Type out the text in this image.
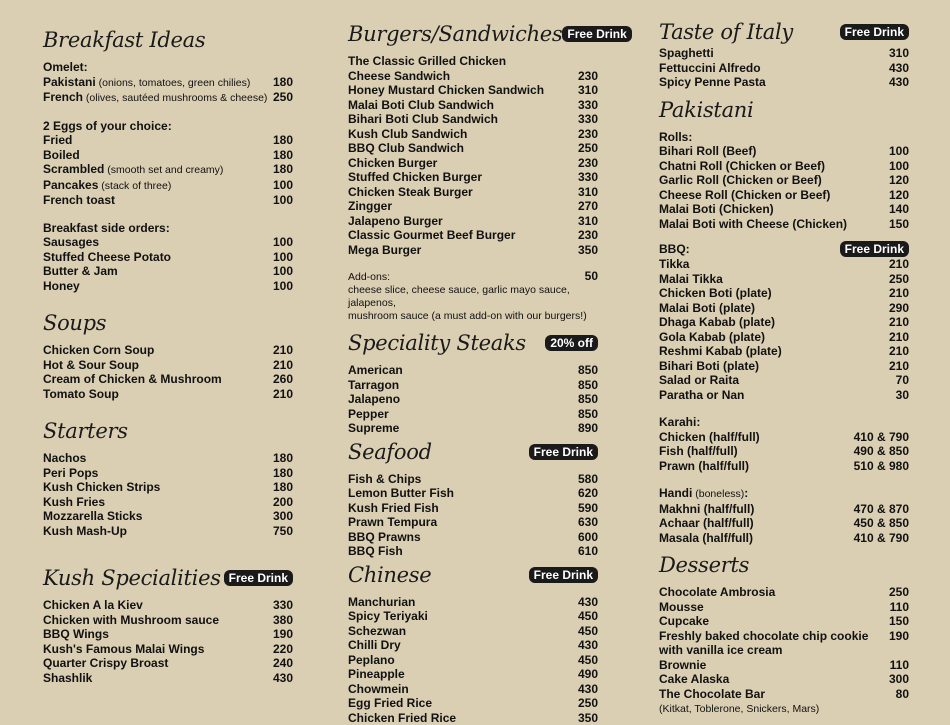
Breakfast Ideas
Omelet:
Pakistani (onions, tomatoes, green chilies) 180
French (olives, sautéed mushrooms & cheese) 250
2 Eggs of your choice:
Fried	180
Boiled	180
Scrambled (smooth set and creamy)	180
Pancakes (stack of three)	100
French toast	100
Breakfast side orders:
Sausages	100
Stuffed Cheese Potato	100
Butter & Jam	100
Honey	100
Soups
Chicken Corn Soup	210
Hot & Sour Soup	210
Cream of Chicken & Mushroom	260
Tomato Soup	210
Starters
Nachos	180
Peri Pops	180
Kush Chicken Strips	180
Kush Fries	200
Mozzarella Sticks	300
Kush Mash-Up	750
Kush Specialities Free Drink
Chicken A la Kiev	330
Chicken with Mushroom sauce	380
BBQ Wings	190
Kush's Famous Malai Wings	220
Quarter Crispy Broast	240
Shashlik	430
Burgers/Sandwiches Free Drink
The Classic Grilled Chicken
Cheese Sandwich	230
Honey Mustard Chicken Sandwich	310
Malai Boti Club Sandwich	330
Bihari Boti Club Sandwich	330
Kush Club Sandwich	230
BBQ Club Sandwich	250
Chicken Burger	230
Stuffed Chicken Burger	330
Chicken Steak Burger	310
Zingger	270
Jalapeno Burger	310
Classic Gourmet Beef Burger	230
Mega Burger	350
Add-ons:	50
cheese slice, cheese sauce, garlic mayo sauce, jalapenos,
mushroom sauce (a must add-on with our burgers!)
Speciality Steaks	20% off
American	850
Tarragon	850
Jalapeno	850
Pepper	850
Supreme	890
Seafood	Free Drink
Fish & Chips	580
Lemon Butter Fish	620
Kush Fried Fish	590
Prawn Tempura	630
BBQ Prawns	600
BBQ Fish	610
Chinese	Free Drink
Manchurian	430
Spicy Teriyaki	450
Schezwan	450
Chilli Dry	430
Peplano	450
Pineapple	490
Chowmein	430
Egg Fried Rice	250
Chicken Fried Rice	350
Taste of Italy	Free Drink
Spaghetti	310
Fettuccini Alfredo	430
Spicy Penne Pasta	430
Pakistani
Rolls:
Bihari Roll (Beef)	100
Chatni Roll (Chicken or Beef)	100
Garlic Roll (Chicken or Beef)	120
Cheese Roll (Chicken or Beef)	120
Malai Boti (Chicken)	140
Malai Boti with Cheese (Chicken)	150
BBQ:	Free Drink
Tikka	210
Malai Tikka	250
Chicken Boti (plate)	210
Malai Boti (plate)	290
Dhaga Kabab (plate)	210
Gola Kabab (plate)	210
Reshmi Kabab (plate)	210
Bihari Boti (plate)	210
Salad or Raita	70
Paratha or Nan	30
Karahi:
Chicken (half/full)	410 & 790
Fish (half/full)	490 & 850
Prawn (half/full)	510 & 980
Handi (boneless):
Makhni (half/full)	470 & 870
Achaar (half/full)	450 & 850
Masala (half/full)	410 & 790
Desserts
Chocolate Ambrosia	250
Mousse	110
Cupcake	150
Freshly baked chocolate chip cookie 190
with vanilla ice cream
Brownie	110
Cake Alaska	300
The Chocolate Bar	80
(Kitkat, Toblerone, Snickers, Mars)
